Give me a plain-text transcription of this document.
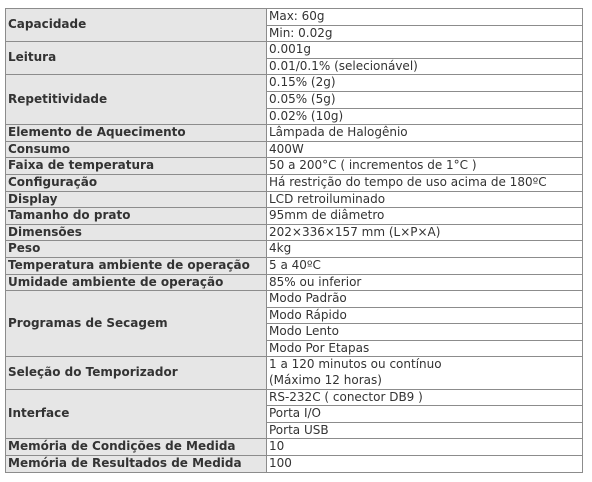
Capacidade	Max: 60g
Min: 0.02g

Leitura	0.001g
0.01/0.1% (selecionável)

Repetitividade	0.15% (2g)
0.05% (5g)
0.02% (10g)

Elemento de Aquecimento	Lâmpada de Halogênio

Consumo	400W

Faixa de temperatura	50 a 200°C ( incrementos de 1°C )

Configuração	Há restrição do tempo de uso acima de 180ºC

Display	LCD retroiluminado

Tamanho do prato	95mm de diâmetro

Dimensões	202×336×157 mm (L×P×A)

Peso	4kg

Temperatura ambiente de operação	5 a 40ºC

Umidade ambiente de operação	85% ou inferior

Programas de Secagem	Modo Padrão
Modo Rápido
Modo Lento
Modo Por Etapas

Seleção do Temporizador	1 a 120 minutos ou contínuo
(Máximo 12 horas)

Interface	RS-232C ( conector DB9 )
Porta I/O
Porta USB

Memória de Condições de Medida	10

Memória de Resultados de Medida	100
